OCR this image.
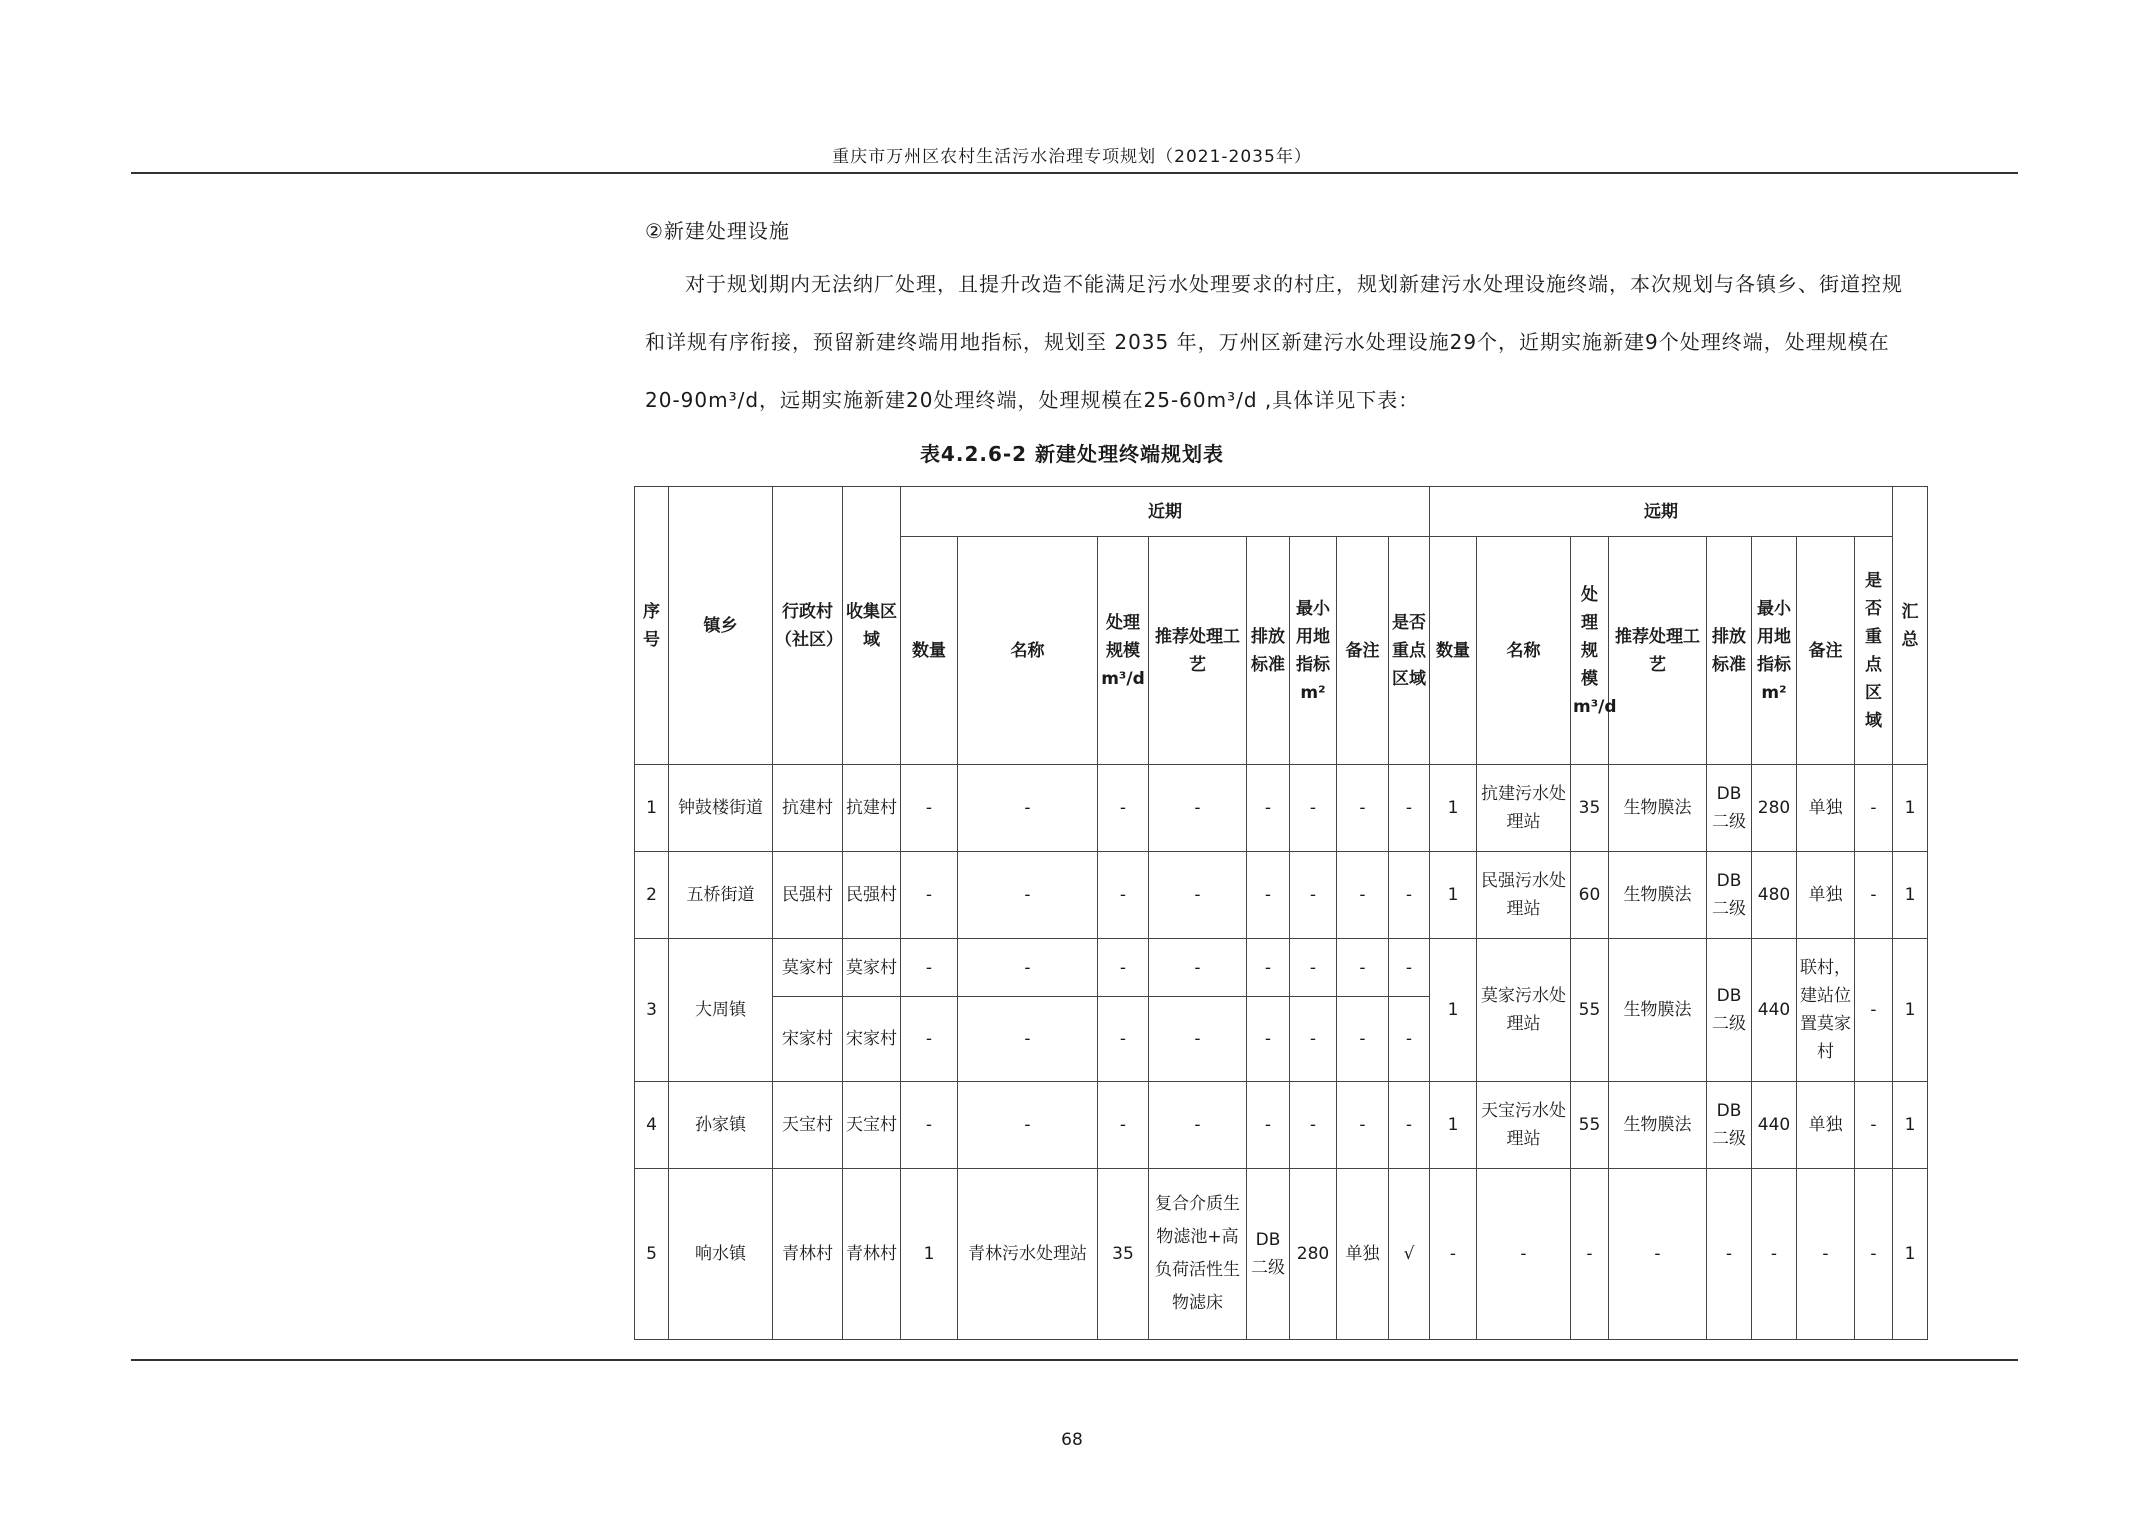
重庆市万州区农村生活污水治理专项规划（2021-2035年）
②新建处理设施

对于规划期内无法纳厂处理，且提升改造不能满足污水处理要求的村庄，规划新建污水处理设施终端，本次规划与各镇乡、街道控规

和详规有序衔接，预留新建终端用地指标，规划至 2035 年，万州区新建污水处理设施29个，近期实施新建9个处理终端，处理规模在

20-90m³/d，远期实施新建20处理终端，处理规模在25-60m³/d ,具体详见下表：

表4.2.6-2 新建处理终端规划表
序号	镇乡	行政村（社区）	收集区域	近期								远期								汇总
				数量	名称	处理规模m³/d	推荐处理工艺	排放标准	最小用地指标m²	备注	是否重点区域	数量	名称	处理规模m³/d	推荐处理工艺	排放标准	最小用地指标m²	备注	是否重点区域	
1	钟鼓楼街道	抗建村	抗建村	-	-	-	-	-	-	-	-	1	抗建污水处理站	35	生物膜法	DB二级	280	单独	-	1
2	五桥街道	民强村	民强村	-	-	-	-	-	-	-	-	1	民强污水处理站	60	生物膜法	DB二级	480	单独	-	1
3	大周镇	莫家村	莫家村	-	-	-	-	-	-	-	-	1	莫家污水处理站	55	生物膜法	DB二级	440	联村，建站位置莫家村	-	1
		宋家村	宋家村	-	-	-	-	-	-	-	-									
4	孙家镇	天宝村	天宝村	-	-	-	-	-	-	-	-	1	天宝污水处理站	55	生物膜法	DB二级	440	单独	-	1
5	响水镇	青林村	青林村	1	青林污水处理站	35	复合介质生物滤池+高负荷活性生物滤床	DB二级	280	单独	√	-	-	-	-	-	-	-	-	1
68
